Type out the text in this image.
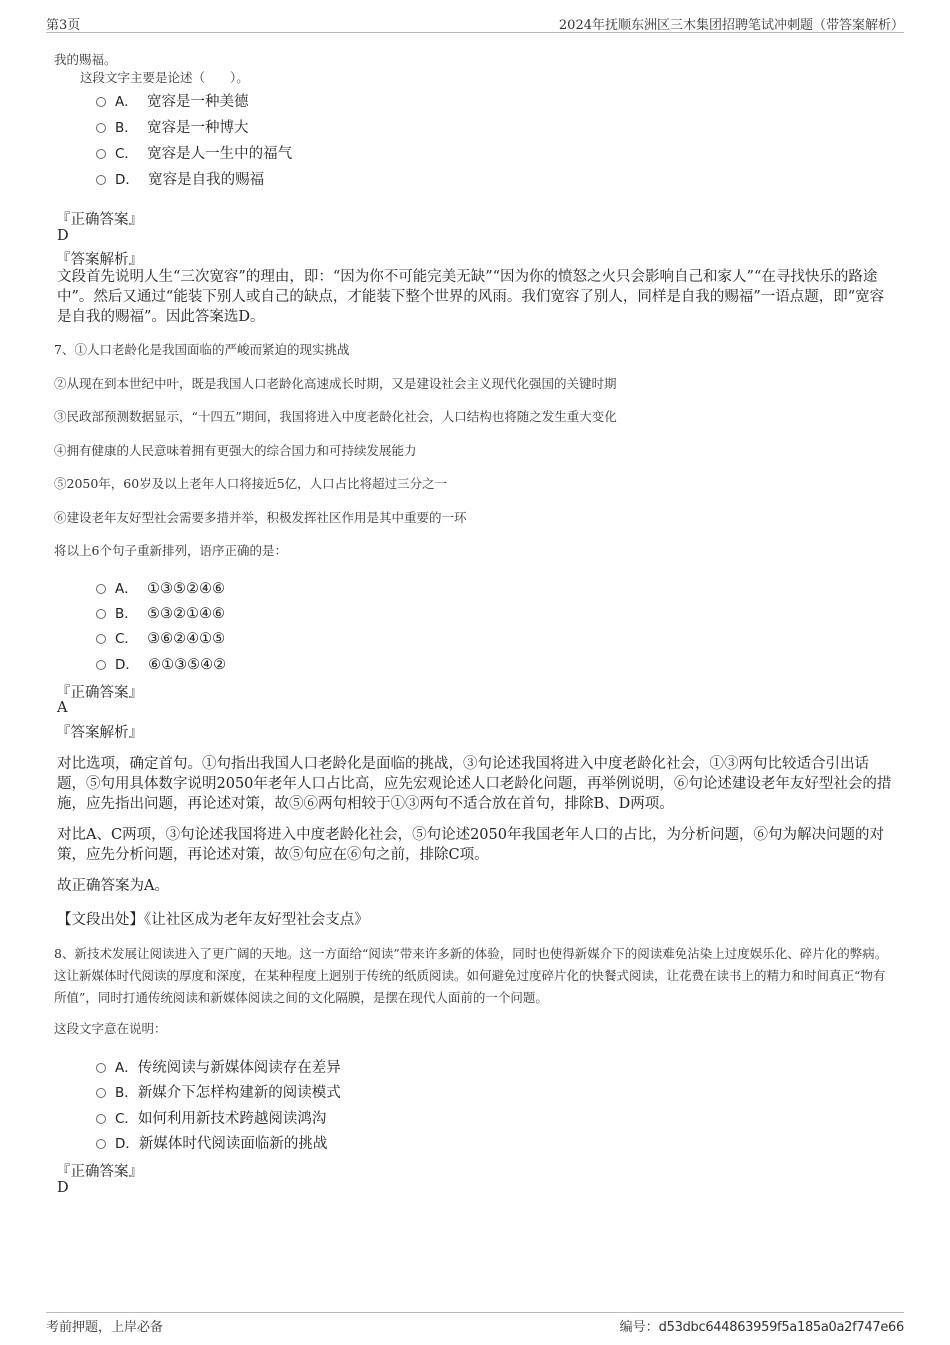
第3页	2024年抚顺东洲区三木集团招聘笔试冲刺题（带答案解析）
我的赐福。
这段文字主要是论述（　　）。
A． 宽容是一种美德
B． 宽容是一种博大
C． 宽容是人一生中的福气
D． 宽容是自我的赐福
『正确答案』
D
『答案解析』
文段首先说明人生“三次宽容”的理由，即：“因为你不可能完美无缺”“因为你的愤怒之火只会影响自己和家人”“在寻找快乐的路途中”。然后又通过“能装下别人或自己的缺点，才能装下整个世界的风雨。我们宽容了别人，同样是自我的赐福”一语点题，即“宽容是自我的赐福”。因此答案选D。
7、①人口老龄化是我国面临的严峻而紧迫的现实挑战
②从现在到本世纪中叶，既是我国人口老龄化高速成长时期，又是建设社会主义现代化强国的关键时期
③民政部预测数据显示，“十四五”期间，我国将进入中度老龄化社会，人口结构也将随之发生重大变化
④拥有健康的人民意味着拥有更强大的综合国力和可持续发展能力
⑤2050年，60岁及以上老年人口将接近5亿，人口占比将超过三分之一
⑥建设老年友好型社会需要多措并举，积极发挥社区作用是其中重要的一环
将以上6个句子重新排列，语序正确的是：
A． ①③⑤②④⑥
B． ⑤③②①④⑥
C． ③⑥②④①⑤
D． ⑥①③⑤④②
『正确答案』
A
『答案解析』
对比选项，确定首句。①句指出我国人口老龄化是面临的挑战，③句论述我国将进入中度老龄化社会，①③两句比较适合引出话题，⑤句用具体数字说明2050年老年人口占比高，应先宏观论述人口老龄化问题，再举例说明，⑥句论述建设老年友好型社会的措施，应先指出问题，再论述对策，故⑤⑥两句相较于①③两句不适合放在首句，排除B、D两项。
对比A、C两项，③句论述我国将进入中度老龄化社会，⑤句论述2050年我国老年人口的占比，为分析问题，⑥句为解决问题的对策，应先分析问题，再论述对策，故⑤句应在⑥句之前，排除C项。
故正确答案为A。
【文段出处】《让社区成为老年友好型社会支点》
8、新技术发展让阅读进入了更广阔的天地。这一方面给“阅读”带来许多新的体验，同时也使得新媒介下的阅读难免沾染上过度娱乐化、碎片化的弊病。这让新媒体时代阅读的厚度和深度，在某种程度上迥别于传统的纸质阅读。如何避免过度碎片化的快餐式阅读，让花费在读书上的精力和时间真正“物有所值”，同时打通传统阅读和新媒体阅读之间的文化隔膜，是摆在现代人面前的一个问题。
这段文字意在说明：
A．传统阅读与新媒体阅读存在差异
B．新媒介下怎样构建新的阅读模式
C．如何利用新技术跨越阅读鸿沟
D．新媒体时代阅读面临新的挑战
『正确答案』
D
考前押题，上岸必备	编号：d53dbc644863959f5a185a0a2f747e66
